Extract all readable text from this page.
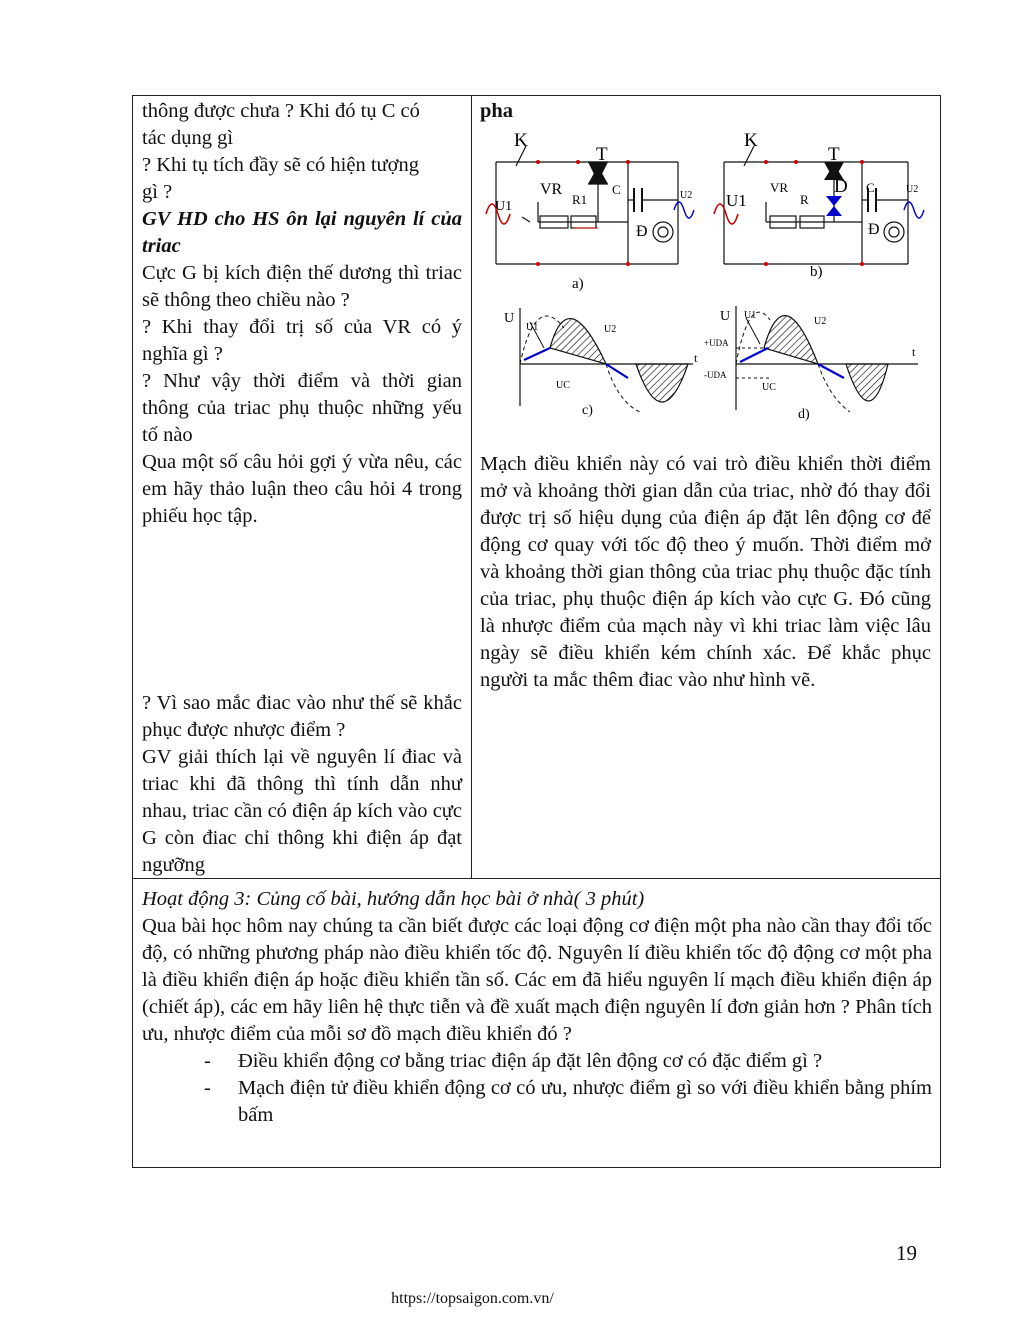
thông được chưa ? Khi đó tụ C có
tác dụng gì
? Khi tụ tích đầy sẽ có hiện tượng
gì ?
GV HD cho HS ôn lại nguyên lí của triac
Cực G bị kích điện thế dương thì triac sẽ thông theo chiều nào ?
? Khi thay đổi trị số của VR có ý nghĩa gì ?
? Như vậy thời điểm và thời gian thông của triac phụ thuộc những yếu tố nào
Qua một số câu hỏi gợi ý vừa nêu, các em hãy thảo luận theo câu hỏi 4 trong phiếu học tập.
? Vì sao mắc điac vào như thế sẽ khắc phục được nhược điểm ?
GV giải thích lại về nguyên lí điac và triac khi đã thông thì tính dẫn như nhau, triac cần có điện áp kích vào cực G còn điac chỉ thông khi điện áp đạt ngưỡng
pha
K
T
VR
R1
C
U1
U2
Đ
a)
K
T
D
VR
R
C
U1
U2
Đ
b)
U
U1	U2
UC
c)
U U1
U2
+UDA
-UDA
t	t
UC
d)
Mạch điều khiển này có vai trò điều khiển thời điểm mở và khoảng thời gian dẫn của triac, nhờ đó thay đổi được trị số hiệu dụng của điện áp đặt lên động cơ để động cơ quay với tốc độ theo ý muốn. Thời điểm mở và khoảng thời gian thông của triac phụ thuộc đặc tính của triac, phụ thuộc điện áp kích vào cực G. Đó cũng là nhược điểm của mạch này vì khi triac làm việc lâu ngày sẽ điều khiển kém chính xác. Để khắc phục người ta mắc thêm điac vào như hình vẽ.
Hoạt động 3: Củng cố bài, hướng dẫn học bài ở nhà( 3 phút)
Qua bài học hôm nay chúng ta cần biết được các loại động cơ điện một pha nào cần thay đổi tốc độ, có những phương pháp nào điều khiển tốc độ. Nguyên lí điều khiển tốc độ động cơ một pha là điều khiển điện áp hoặc điều khiển tần số. Các em đã hiểu nguyên lí mạch điều khiển điện áp (chiết áp), các em hãy liên hệ thực tiễn và đề xuất mạch điện nguyên lí đơn giản hơn ? Phân tích ưu, nhược điểm của mỗi sơ đồ mạch điều khiển đó ?
- Điều khiển động cơ bằng triac điện áp đặt lên động cơ có đặc điểm gì ?
- Mạch điện tử điều khiển động cơ có ưu, nhược điểm gì so với điều khiển bằng phím bấm
19
https://topsaigon.com.vn/
